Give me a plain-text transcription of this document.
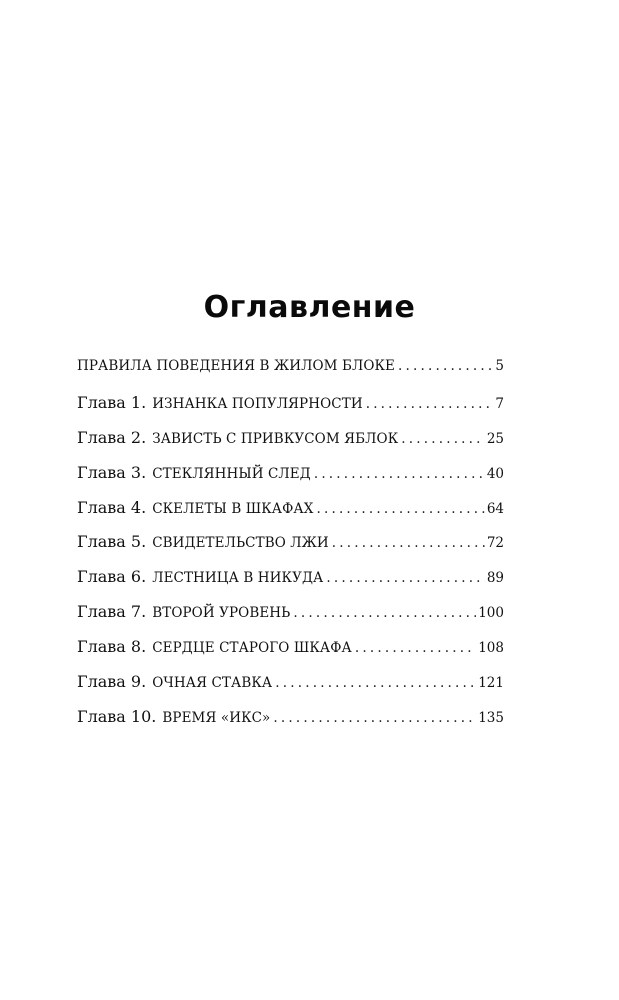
Оглавление
ПРАВИЛА ПОВЕДЕНИЯ В ЖИЛОМ БЛОКЕ .....	5
Глава 1. ИЗНАНКА ПОПУЛЯРНОСТИ .....	7
Глава 2. ЗАВИСТЬ С ПРИВКУСОМ ЯБЛОК .....	25
Глава 3. СТЕКЛЯННЫЙ СЛЕД .....	40
Глава 4. СКЕЛЕТЫ В ШКАФАХ .....	64
Глава 5. СВИДЕТЕЛЬСТВО ЛЖИ .....	72
Глава 6. ЛЕСТНИЦА В НИКУДА .....	89
Глава 7. ВТОРОЙ УРОВЕНЬ .....	100
Глава 8. СЕРДЦЕ СТАРОГО ШКАФА .....	108
Глава 9. ОЧНАЯ СТАВКА .....	121
Глава 10. ВРЕМЯ «ИКС» .....	135
